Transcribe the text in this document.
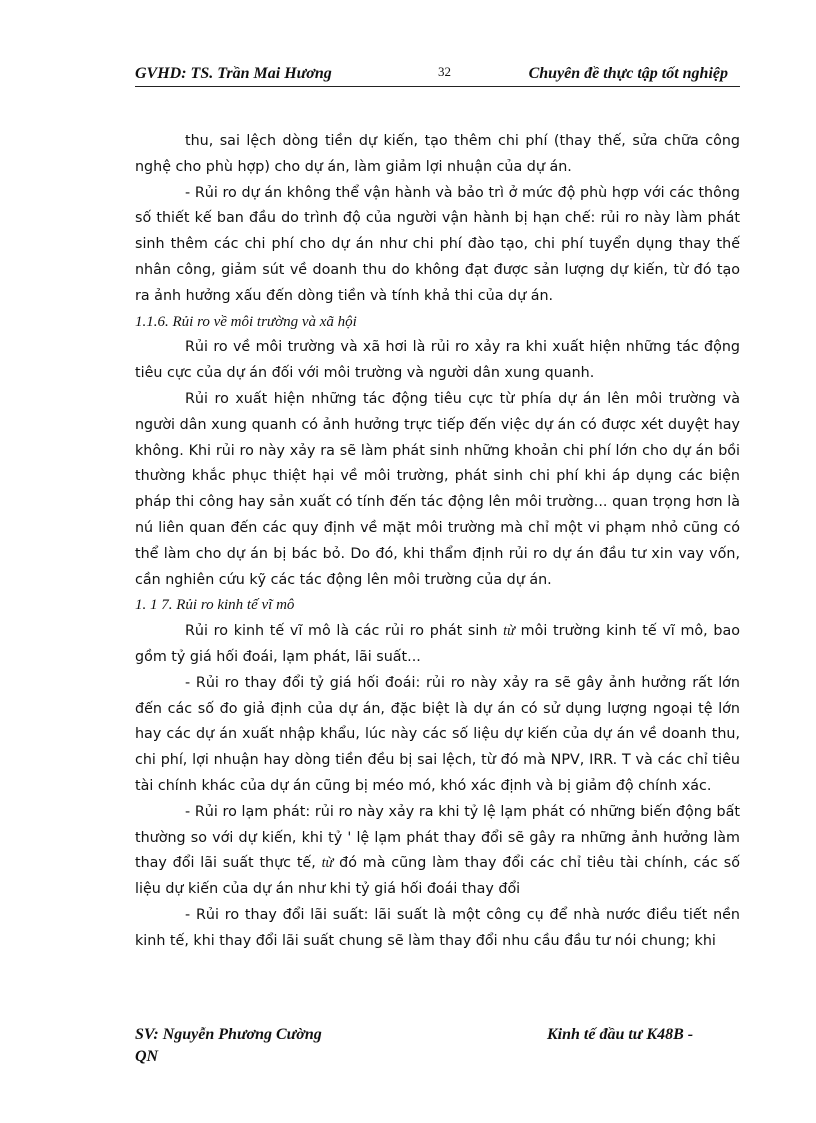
GVHD: TS. Trần Mai Hương	32	Chuyên đề thực tập tốt nghiệp

thu, sai lệch dòng tiền dự kiến, tạo thêm chi phí (thay thế, sửa chữa công nghệ cho phù hợp) cho dự án, làm giảm lợi nhuận của dự án.

- Rủi ro dự án không thể vận hành và bảo trì ở mức độ phù hợp với các thông số thiết kế ban đầu do trình độ của người vận hành bị hạn chế: rủi ro này làm phát sinh thêm các chi phí cho dự án như chi phí đào tạo, chi phí tuyển dụng thay thế nhân công, giảm sút về doanh thu do không đạt được sản lượng dự kiến, từ đó tạo ra ảnh hưởng xấu đến dòng tiền và tính khả thi của dự án.

1.1.6. Rủi ro về môi trường và xã hội

Rủi ro về môi trường và xã hơi là rủi ro xảy ra khi xuất hiện những tác động tiêu cực của dự án đối với môi trường và người dân xung quanh.

Rủi ro xuất hiện những tác động tiêu cực từ phía dự án lên môi trường và người dân xung quanh có ảnh hưởng trực tiếp đến việc dự án có được xét duyệt hay không. Khi rủi ro này xảy ra sẽ làm phát sinh những khoản chi phí lớn cho dự án bồi thường khắc phục thiệt hại về môi trường, phát sinh chi phí khi áp dụng các biện pháp thi công hay sản xuất có tính đến tác động lên môi trường... quan trọng hơn là nú liên quan đến các quy định về mặt môi trường mà chỉ một vi phạm nhỏ cũng có thể làm cho dự án bị bác bỏ. Do đó, khi thẩm định rủi ro dự án đầu tư xin vay vốn, cần nghiên cứu kỹ các tác động lên môi trường của dự án.

1. 1 7. Rủi ro kinh tế vĩ mô

Rủi ro kinh tế vĩ mô là các rủi ro phát sinh từ môi trường kinh tế vĩ mô, bao gồm tỷ giá hối đoái, lạm phát, lãi suất...

- Rủi ro thay đổi tỷ giá hối đoái: rủi ro này xảy ra sẽ gây ảnh hưởng rất lớn đến các số đo giả định của dự án, đặc biệt là dự án có sử dụng lượng ngoại tệ lớn hay các dự án xuất nhập khẩu, lúc này các số liệu dự kiến của dự án về doanh thu, chi phí, lợi nhuận hay dòng tiền đều bị sai lệch, từ đó mà NPV, IRR. T và các chỉ tiêu tài chính khác của dự án cũng bị méo mó, khó xác định và bị giảm độ chính xác.

- Rủi ro lạm phát: rủi ro này xảy ra khi tỷ lệ lạm phát có những biến động bất thường so với dự kiến, khi tỷ ' lệ lạm phát thay đổi sẽ gây ra những ảnh hưởng làm thay đổi lãi suất thực tế, từ đó mà cũng làm thay đổi các chỉ tiêu tài chính, các số liệu dự kiến của dự án như khi tỷ giá hối đoái thay đổi

- Rủi ro thay đổi lãi suất: lãi suất là một công cụ để nhà nước điều tiết nền kinh tế, khi thay đổi lãi suất chung sẽ làm thay đổi nhu cầu đầu tư nói chung; khi

SV: Nguyễn Phương Cường	Kinh tế đầu tư K48B -
QN
